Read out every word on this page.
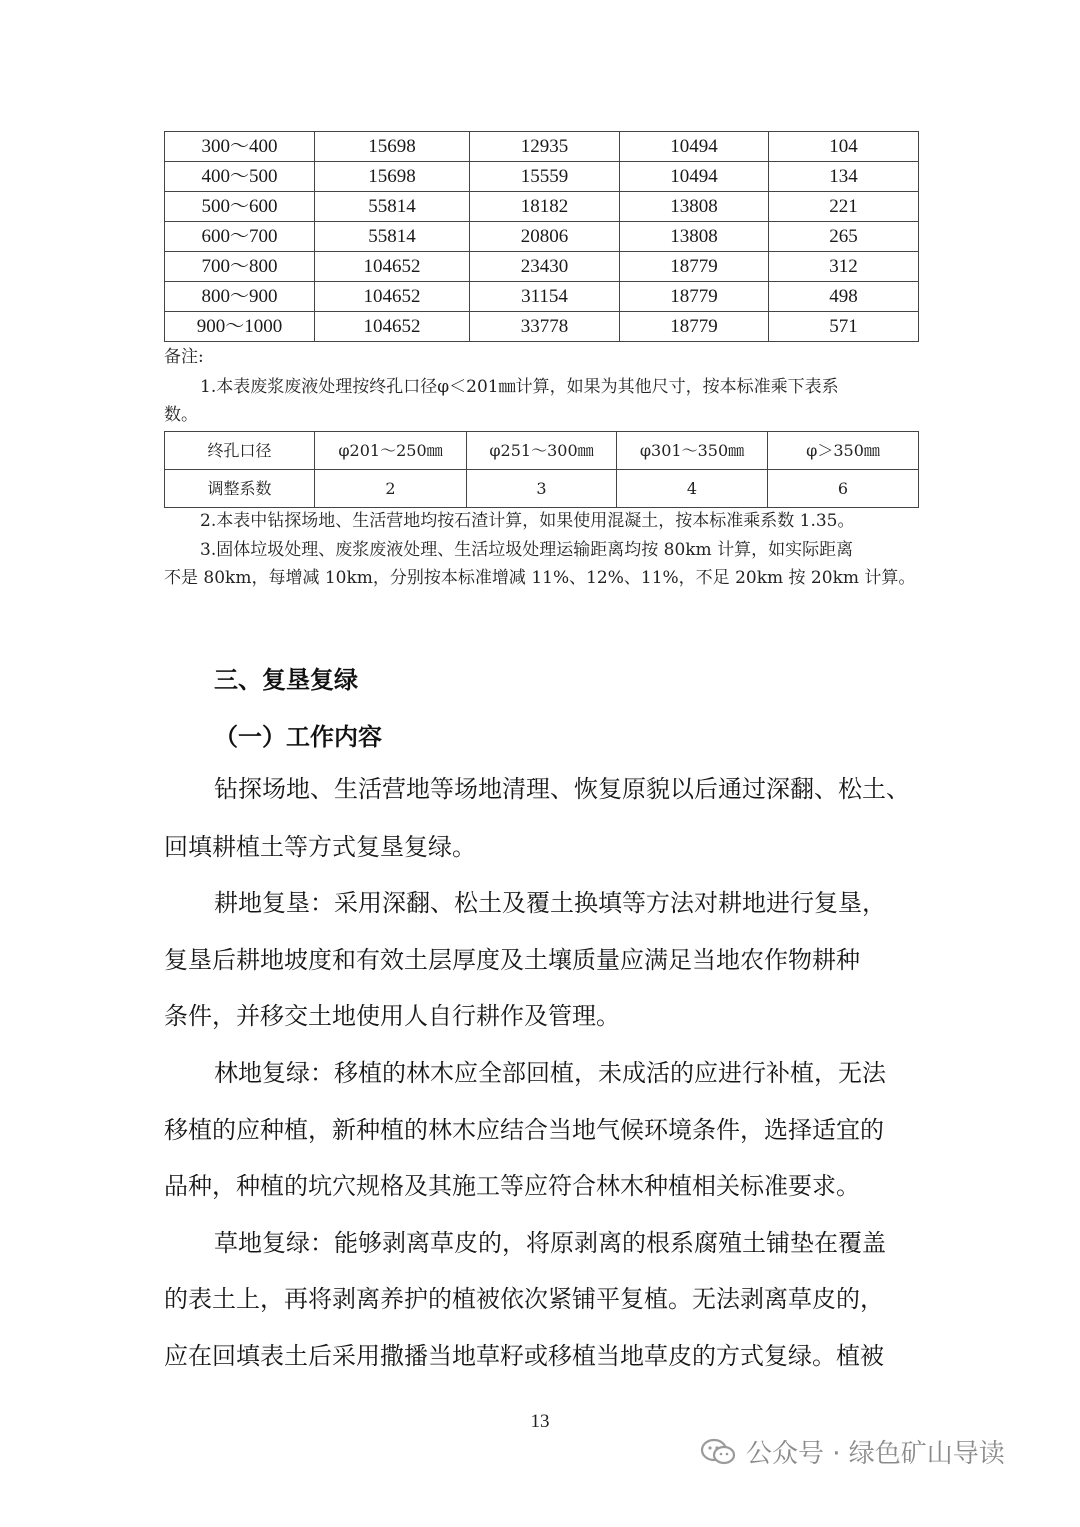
300～400	15698	12935	10494	104
400～500	15698	15559	10494	134
500～600	55814	18182	13808	221
600～700	55814	20806	13808	265
700～800	104652	23430	18779	312
800～900	104652	31154	18779	498
900～1000	104652	33778	18779	571
备注:
1.本表废浆废液处理按终孔口径φ＜201㎜计算，如果为其他尺寸，按本标准乘下表系
数。
终孔口径	φ201～250㎜	φ251～300㎜	φ301～350㎜	φ＞350㎜
调整系数	2	3	4	6
2.本表中钻探场地、生活营地均按石渣计算，如果使用混凝土，按本标准乘系数 1.35。
3.固体垃圾处理、废浆废液处理、生活垃圾处理运输距离均按 80km 计算，如实际距离
不是 80km，每增减 10km，分别按本标准增减 11%、12%、11%，不足 20km 按 20km 计算。
三、复垦复绿
（一）工作内容
钻探场地、生活营地等场地清理、恢复原貌以后通过深翻、松土、
回填耕植土等方式复垦复绿。
耕地复垦：采用深翻、松土及覆土换填等方法对耕地进行复垦，
复垦后耕地坡度和有效土层厚度及土壤质量应满足当地农作物耕种
条件，并移交土地使用人自行耕作及管理。
林地复绿：移植的林木应全部回植，未成活的应进行补植，无法
移植的应种植，新种植的林木应结合当地气候环境条件，选择适宜的
品种，种植的坑穴规格及其施工等应符合林木种植相关标准要求。
草地复绿：能够剥离草皮的，将原剥离的根系腐殖土铺垫在覆盖
的表土上，再将剥离养护的植被依次紧铺平复植。无法剥离草皮的，
应在回填表土后采用撒播当地草籽或移植当地草皮的方式复绿。植被
13
公众号 · 绿色矿山导读
